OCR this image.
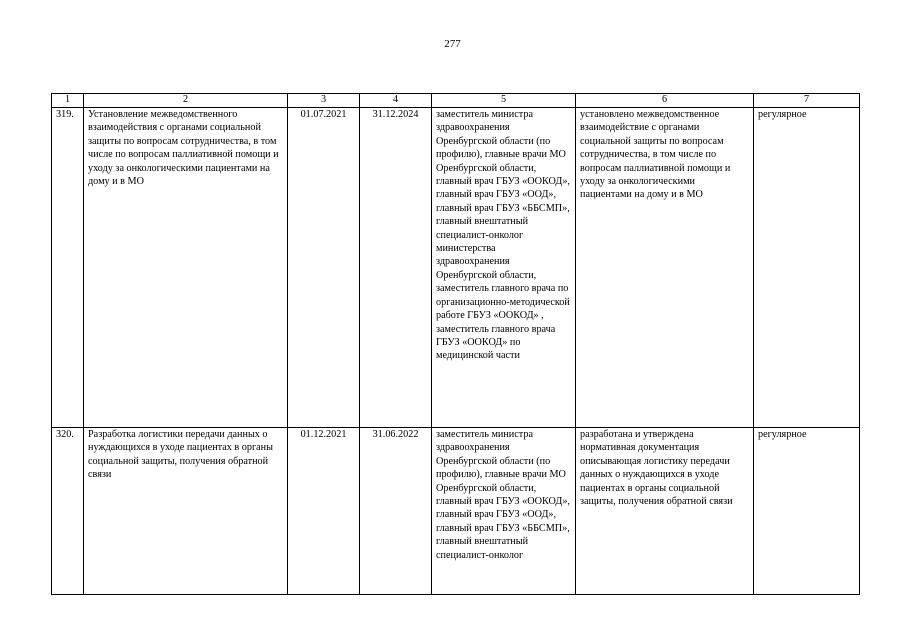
277
1	2	3	4	5	6	7
319.	Установление межведомственного взаимодействия с органами социальной защиты по вопросам сотрудничества, в том числе по вопросам паллиативной помощи и уходу за онкологическими пациентами на дому и в МО	01.07.2021	31.12.2024	заместитель министра здравоохранения Оренбургской области (по профилю), главные врачи МО Оренбургской области, главный врач ГБУЗ «ООКОД», главный врач ГБУЗ «ООД», главный врач ГБУЗ «ББСМП», главный внештатный специалист-онколог министерства здравоохранения Оренбургской области, заместитель главного врача по организационно-методической работе ГБУЗ «ООКОД» , заместитель главного врача ГБУЗ «ООКОД» по медицинской части	установлено межведомственное взаимодействие с органами социальной защиты по вопросам сотрудничества, в том числе по вопросам паллиативной помощи и уходу за онкологическими пациентами на дому и в МО	регулярное
320.	Разработка логистики передачи данных о нуждающихся в уходе пациентах в органы социальной защиты, получения обратной связи	01.12.2021	31.06.2022	заместитель министра здравоохранения Оренбургской области (по профилю), главные врачи МО Оренбургской области, главный врач ГБУЗ «ООКОД», главный врач ГБУЗ «ООД», главный врач ГБУЗ «ББСМП», главный внештатный специалист-онколог	разработана и утверждена нормативная документация описывающая логистику передачи данных о нуждающихся в уходе пациентах в органы социальной защиты, получения обратной связи	регулярное
